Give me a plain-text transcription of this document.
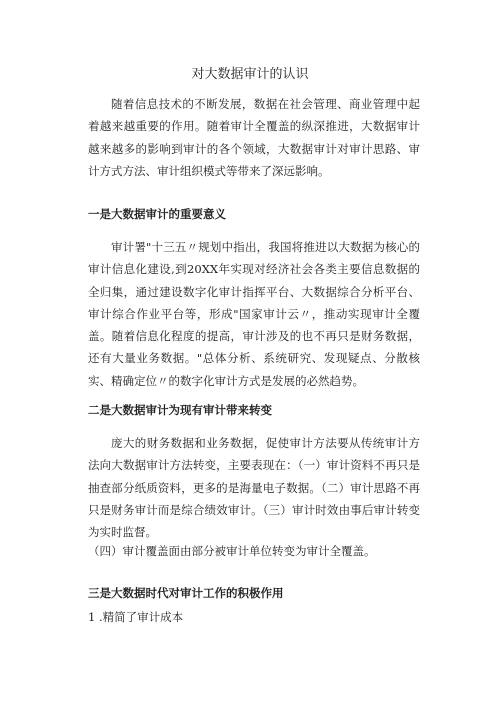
对大数据审计的认识
随着信息技术的不断发展，数据在社会管理、商业管理中起着越来越重要的作用。随着审计全覆盖的纵深推进，大数据审计越来越多的影响到审计的各个领域，大数据审计对审计思路、审计方式方法、审计组织模式等带来了深远影响。
一是大数据审计的重要意义
审计署"十三五〃规划中指出，我国将推进以大数据为核心的审计信息化建设,到20XX年实现对经济社会各类主要信息数据的全归集，通过建设数字化审计指挥平台、大数据综合分析平台、审计综合作业平台等，形成"国家审计云〃，推动实现审计全覆盖。随着信息化程度的提高，审计涉及的也不再只是财务数据，还有大量业务数据。"总体分析、系统研究、发现疑点、分散核实、精确定位〃的数字化审计方式是发展的必然趋势。
二是大数据审计为现有审计带来转变
庞大的财务数据和业务数据，促使审计方法要从传统审计方法向大数据审计方法转变，主要表现在：（一）审计资料不再只是抽查部分纸质资料，更多的是海量电子数据。（二）审计思路不再只是财务审计而是综合绩效审计。（三）审计时效由事后审计转变为实时监督。
（四）审计覆盖面由部分被审计单位转变为审计全覆盖。
三是大数据时代对审计工作的积极作用
1 .精简了审计成本
